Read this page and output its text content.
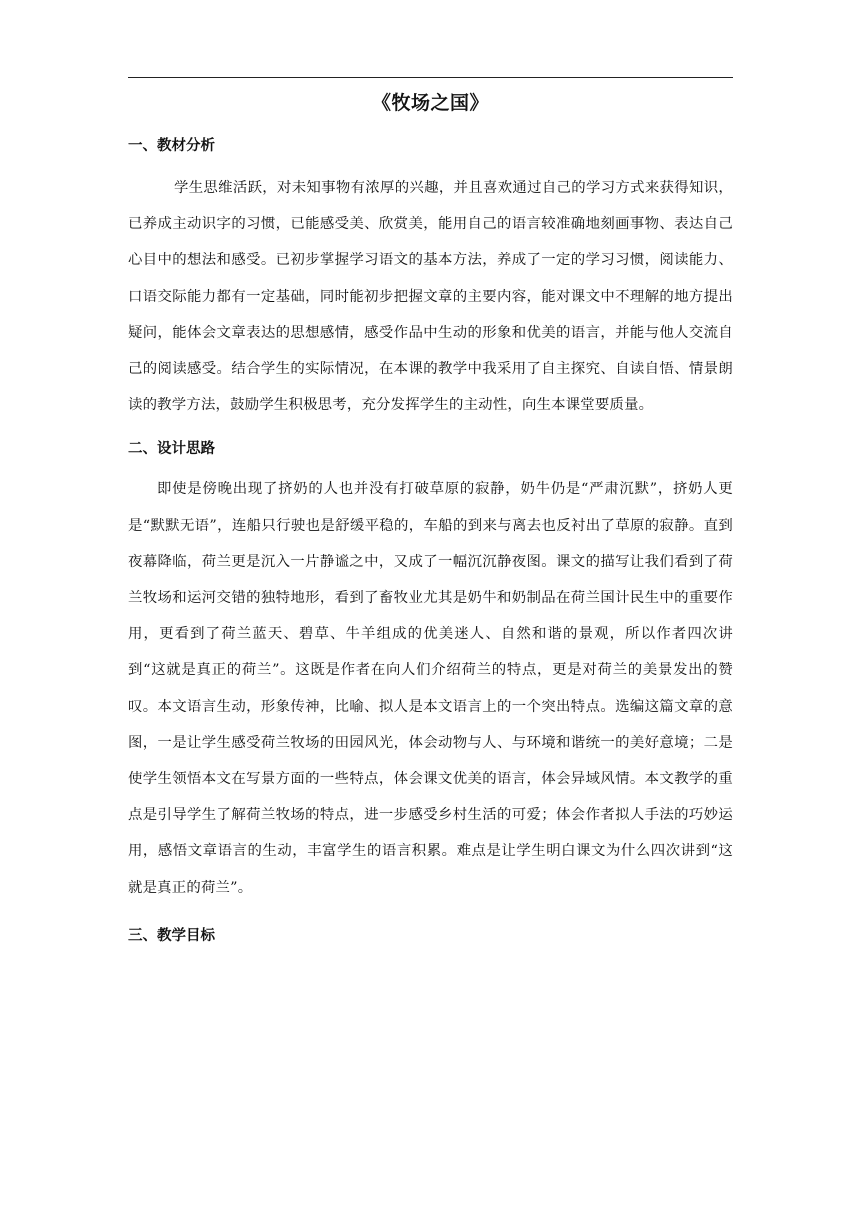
《牧场之国》
一、教材分析

学生思维活跃，对未知事物有浓厚的兴趣，并且喜欢通过自己的学习方式来获得知识，已养成主动识字的习惯，已能感受美、欣赏美，能用自己的语言较准确地刻画事物、表达自己心目中的想法和感受。已初步掌握学习语文的基本方法，养成了一定的学习习惯，阅读能力、口语交际能力都有一定基础，同时能初步把握文章的主要内容，能对课文中不理解的地方提出疑问，能体会文章表达的思想感情，感受作品中生动的形象和优美的语言，并能与他人交流自己的阅读感受。结合学生的实际情况，在本课的教学中我采用了自主探究、自读自悟、情景朗读的教学方法，鼓励学生积极思考，充分发挥学生的主动性，向生本课堂要质量。

二、设计思路

即使是傍晚出现了挤奶的人也并没有打破草原的寂静，奶牛仍是“严肃沉默”，挤奶人更是“默默无语”，连船只行驶也是舒缓平稳的，车船的到来与离去也反衬出了草原的寂静。直到夜幕降临，荷兰更是沉入一片静谧之中，又成了一幅沉沉静夜图。课文的描写让我们看到了荷兰牧场和运河交错的独特地形，看到了畜牧业尤其是奶牛和奶制品在荷兰国计民生中的重要作用，更看到了荷兰蓝天、碧草、牛羊组成的优美迷人、自然和谐的景观，所以作者四次讲到“这就是真正的荷兰”。这既是作者在向人们介绍荷兰的特点，更是对荷兰的美景发出的赞叹。本文语言生动，形象传神，比喻、拟人是本文语言上的一个突出特点。选编这篇文章的意图，一是让学生感受荷兰牧场的田园风光，体会动物与人、与环境和谐统一的美好意境；二是使学生领悟本文在写景方面的一些特点，体会课文优美的语言，体会异域风情。本文教学的重点是引导学生了解荷兰牧场的特点，进一步感受乡村生活的可爱；体会作者拟人手法的巧妙运用，感悟文章语言的生动，丰富学生的语言积累。难点是让学生明白课文为什么四次讲到“这就是真正的荷兰”。

三、教学目标
